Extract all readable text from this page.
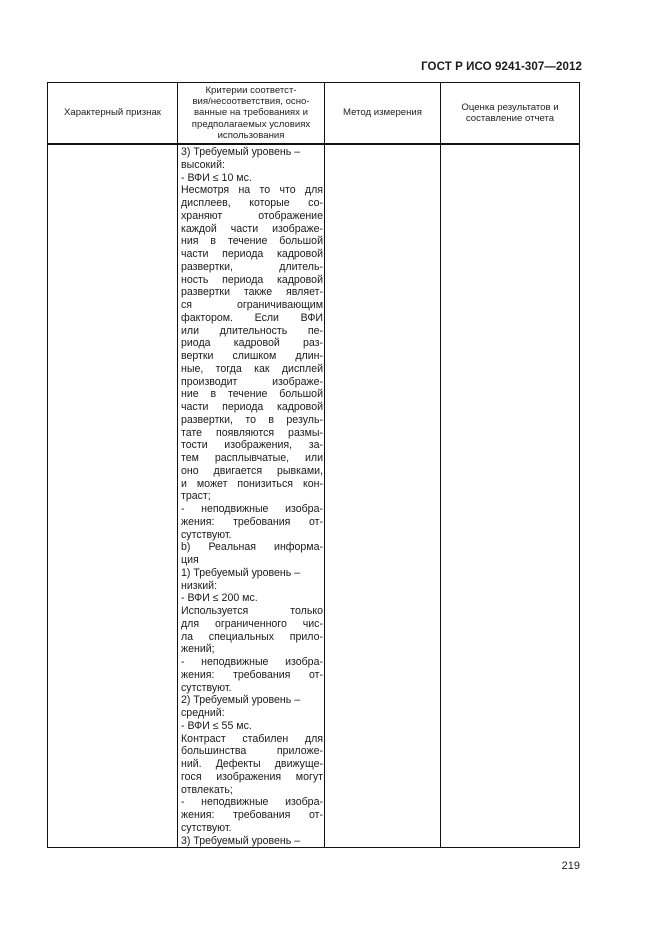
ГОСТ Р ИСО 9241-307—2012
Характерный признак
Критерии соответст-
вия/несоответствия, осно-
ванные на требованиях и
предполагаемых условиях
использования
Метод измерения
Оценка результатов и
составление отчета
3) Требуемый уровень –
высокий:
- ВФИ ≤ 10 мс.
Несмотря на то что для
дисплеев, которые со-
храняют отображение
каждой части изображе-
ния в течение большой
части периода кадровой
развертки, длитель-
ность периода кадровой
развертки также являет-
ся ограничивающим
фактором. Если ВФИ
или длительность пе-
риода кадровой раз-
вертки слишком длин-
ные, тогда как дисплей
производит изображе-
ние в течение большой
части периода кадровой
развертки, то в резуль-
тате появляются размы-
тости изображения, за-
тем расплывчатые, или
оно двигается рывками,
и может понизиться кон-
траст;
- неподвижные изобра-
жения: требования от-
сутствуют.
b) Реальная информа-
ция
1) Требуемый уровень –
низкий:
- ВФИ ≤ 200 мс.
Используется только
для ограниченного чис-
ла специальных прило-
жений;
- неподвижные изобра-
жения: требования от-
сутствуют.
2) Требуемый уровень –
средний:
- ВФИ ≤ 55 мс.
Контраст стабилен для
большинства приложе-
ний. Дефекты движуще-
гося изображения могут
отвлекать;
- неподвижные изобра-
жения: требования от-
сутствуют.
3) Требуемый уровень –
219
